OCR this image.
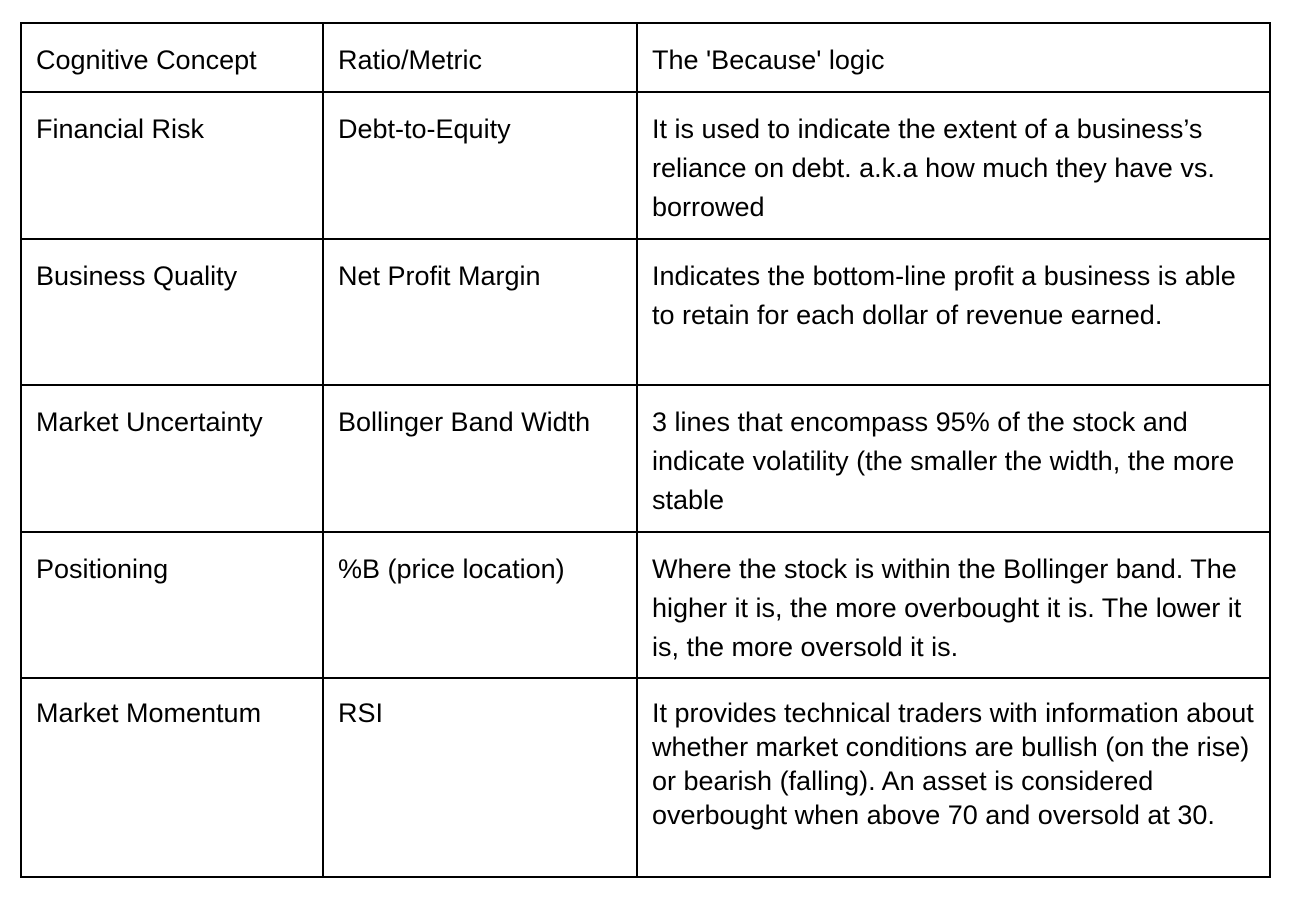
Cognitive Concept	Ratio/Metric	The 'Because' logic
Financial Risk	Debt-to-Equity	It is used to indicate the extent of a business’s reliance on debt. a.k.a how much they have vs. borrowed
Business Quality	Net Profit Margin	Indicates the bottom-line profit a business is able to retain for each dollar of revenue earned.
Market Uncertainty	Bollinger Band Width	3 lines that encompass 95% of the stock and indicate volatility (the smaller the width, the more stable
Positioning	%B (price location)	Where the stock is within the Bollinger band. The higher it is, the more overbought it is. The lower it is, the more oversold it is.
Market Momentum	RSI	It provides technical traders with information about whether market conditions are bullish (on the rise) or bearish (falling). An asset is considered overbought when above 70 and oversold at 30.
